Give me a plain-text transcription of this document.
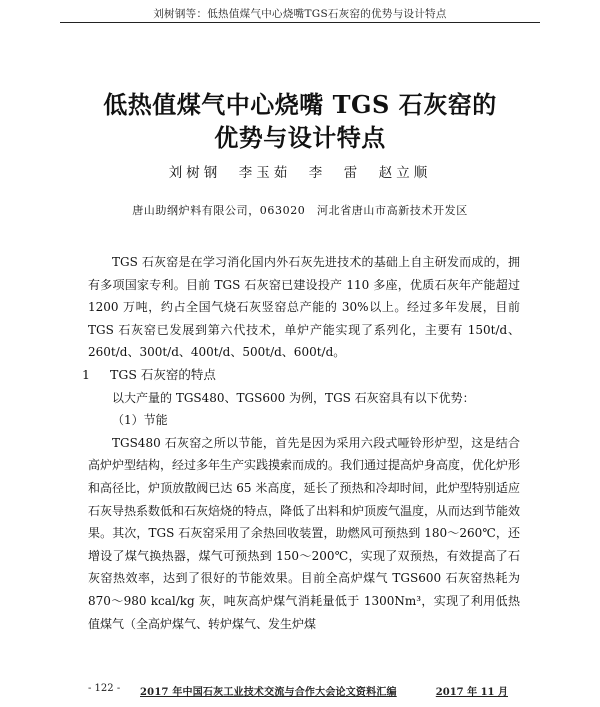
刘树钢等：低热值煤气中心烧嘴TGS石灰窑的优势与设计特点
低热值煤气中心烧嘴 TGS 石灰窑的
优势与设计特点
刘树钢　李玉茹　李　雷　赵立顺
唐山助纲炉料有限公司，063020　河北省唐山市高新技术开发区

TGS 石灰窑是在学习消化国内外石灰先进技术的基础上自主研发而成的，拥有多项国家专利。目前 TGS 石灰窑已建设投产 110 多座，优质石灰年产能超过 1200 万吨，约占全国气烧石灰竖窑总产能的 30%以上。经过多年发展，目前 TGS 石灰窑已发展到第六代技术，单炉产能实现了系列化，主要有 150t/d、260t/d、300t/d、400t/d、500t/d、600t/d。

1 TGS 石灰窑的特点

以大产量的 TGS480、TGS600 为例，TGS 石灰窑具有以下优势：

（1）节能

TGS480 石灰窑之所以节能，首先是因为采用六段式哑铃形炉型，这是结合高炉炉型结构，经过多年生产实践摸索而成的。我们通过提高炉身高度，优化炉形和高径比，炉顶放散阀已达 65 米高度，延长了预热和冷却时间，此炉型特别适应石灰导热系数低和石灰焙烧的特点，降低了出料和炉顶废气温度，从而达到节能效果。其次，TGS 石灰窑采用了余热回收装置，助燃风可预热到 180～260℃，还增设了煤气换热器，煤气可预热到 150～200℃，实现了双预热，有效提高了石灰窑热效率，达到了很好的节能效果。目前全高炉煤气 TGS600 石灰窑热耗为 870～980 kcal/kg 灰，吨灰高炉煤气消耗量低于 1300Nm³，实现了利用低热值煤气（全高炉煤气、转炉煤气、发生炉煤

- 122 - 2017 年中国石灰工业技术交流与合作大会论文资料汇编	2017 年 11 月
